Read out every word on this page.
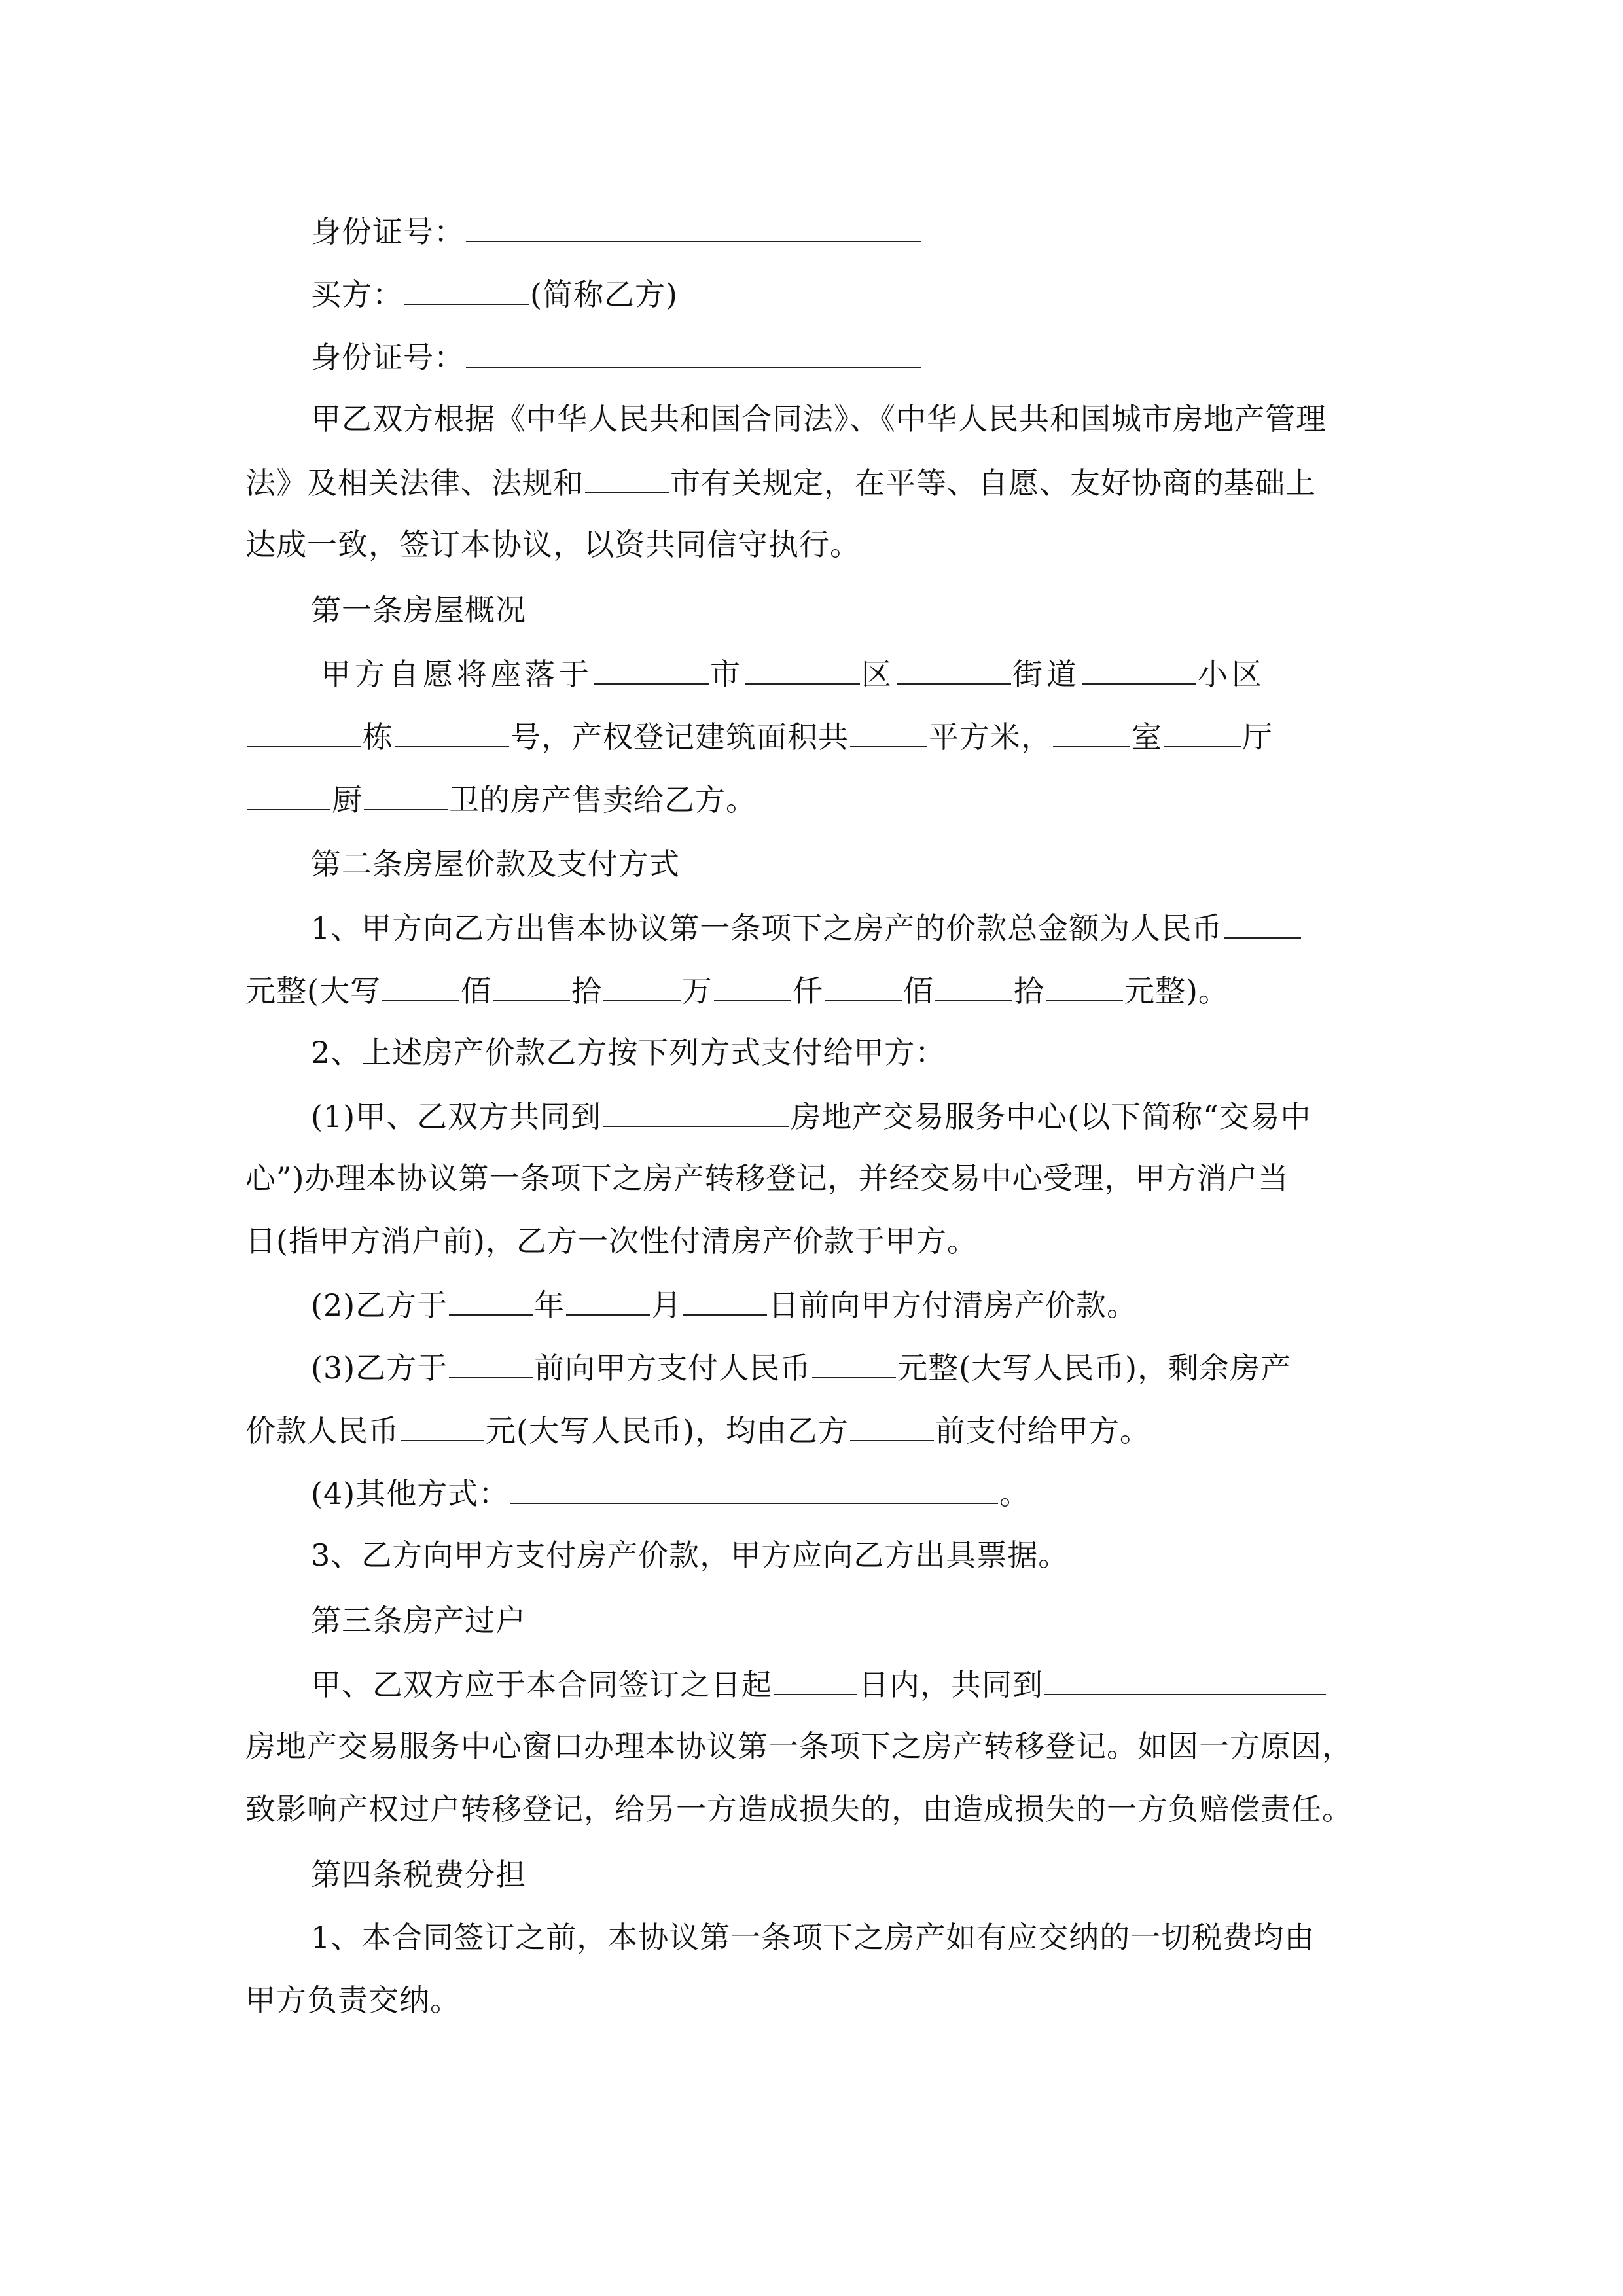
身份证号：
买方：	(简称乙方)
身份证号：
甲乙双方根据《中华人民共和国合同法》、《中华人民共和国城市房地产管理
法》及相关法律、法规和	市有关规定，在平等、自愿、友好协商的基础上
达成一致，签订本协议，以资共同信守执行。
第一条房屋概况
甲方自愿将座落于	市	区	街道	小区
栋	号，产权登记建筑面积共	平方米，	室	厅
厨	卫的房产售卖给乙方。
第二条房屋价款及支付方式
1、甲方向乙方出售本协议第一条项下之房产的价款总金额为人民币
元整(大写	佰	拾	万	仟	佰	拾	元整)。
2、上述房产价款乙方按下列方式支付给甲方：
(1)甲、乙双方共同到	房地产交易服务中心(以下简称“交易中
心”)办理本协议第一条项下之房产转移登记，并经交易中心受理，甲方消户当
日(指甲方消户前)，乙方一次性付清房产价款于甲方。
(2)乙方于	年	月	日前向甲方付清房产价款。
(3)乙方于	前向甲方支付人民币	元整(大写人民币)，剩余房产
价款人民币	元(大写人民币)，均由乙方	前支付给甲方。
(4)其他方式：	。
3、乙方向甲方支付房产价款，甲方应向乙方出具票据。
第三条房产过户
甲、乙双方应于本合同签订之日起	日内，共同到
房地产交易服务中心窗口办理本协议第一条项下之房产转移登记。如因一方原因，
致影响产权过户转移登记，给另一方造成损失的，由造成损失的一方负赔偿责任。
第四条税费分担
1、本合同签订之前，本协议第一条项下之房产如有应交纳的一切税费均由
甲方负责交纳。
